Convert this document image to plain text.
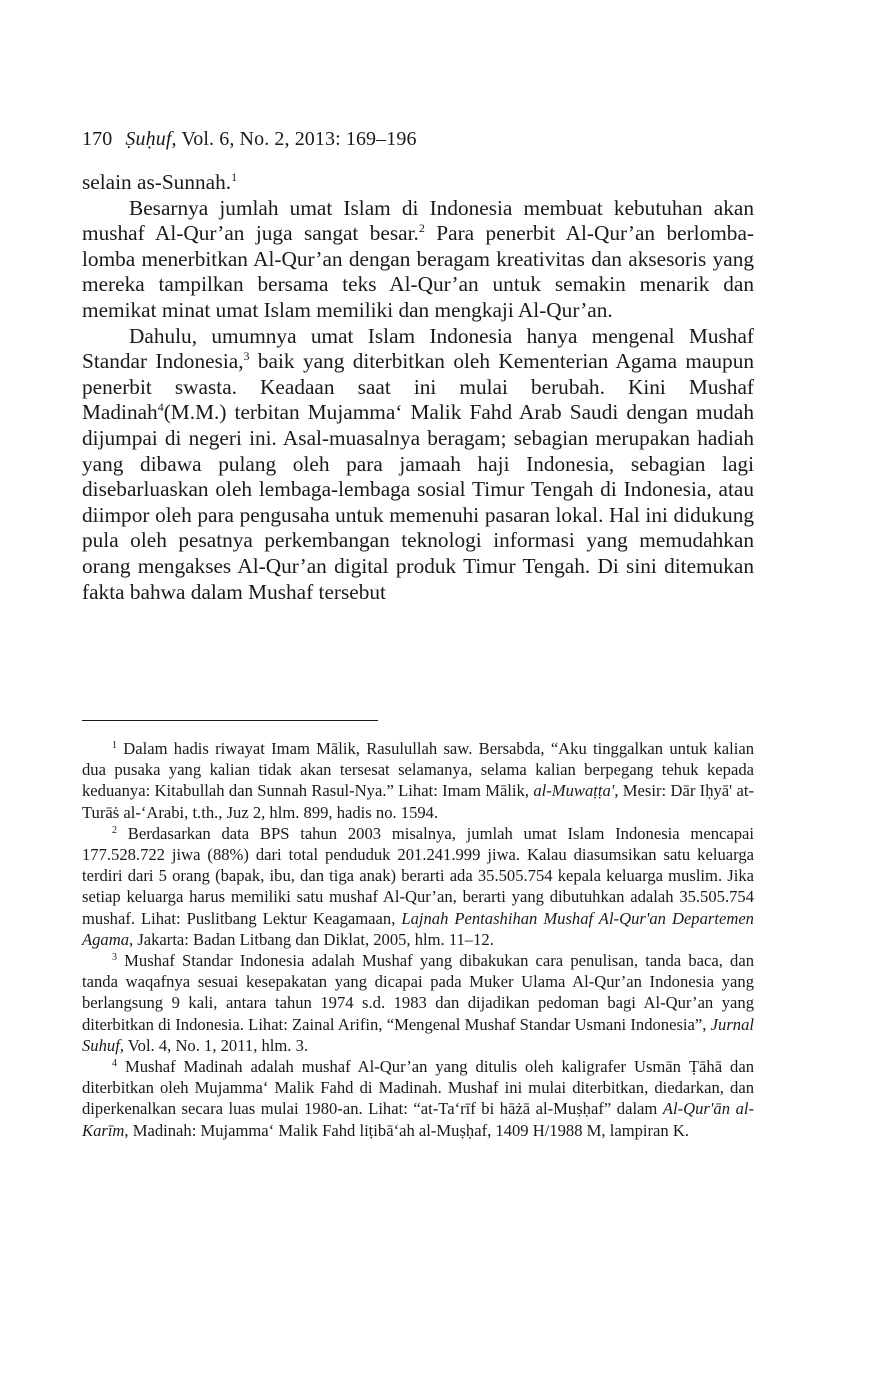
170 Ṣuḥuf, Vol. 6, No. 2, 2013: 169–196

selain as-Sunnah.$^1$

Besarnya jumlah umat Islam di Indonesia membuat kebutuhan akan mushaf Al-Qur’an juga sangat besar.$^2$ Para penerbit Al-Qur’an berlomba-lomba menerbitkan Al-Qur’an dengan beragam kreativitas dan aksesoris yang mereka tampilkan bersama teks Al-Qur’an untuk semakin menarik dan memikat minat umat Islam memiliki dan mengkaji Al-Qur’an.

Dahulu, umumnya umat Islam Indonesia hanya mengenal Mushaf Standar Indonesia,$^3$ baik yang diterbitkan oleh Kementerian Agama maupun penerbit swasta. Keadaan saat ini mulai berubah. Kini Mushaf Madinah$^4$(M.M.) terbitan Mujamma‘ Malik Fahd Arab Saudi dengan mudah dijumpai di negeri ini. Asal-muasalnya beragam; sebagian merupakan hadiah yang dibawa pulang oleh para jamaah haji Indonesia, sebagian lagi disebarluaskan oleh lembaga-lembaga sosial Timur Tengah di Indonesia, atau diimpor oleh para pengusaha untuk memenuhi pasaran lokal. Hal ini didukung pula oleh pesatnya perkembangan teknologi informasi yang memudahkan orang mengakses Al-Qur’an digital produk Timur Tengah. Di sini ditemukan fakta bahwa dalam Mushaf tersebut

$^1$ Dalam hadis riwayat Imam Mālik, Rasulullah saw. Bersabda, “Aku tinggalkan untuk kalian dua pusaka yang kalian tidak akan tersesat selamanya, selama kalian berpegang tehuk kepada keduanya: Kitabullah dan Sunnah Rasul-Nya.” Lihat: Imam Mālik, al-Muwaṭṭa', Mesir: Dār Iḥyā' at-Turāṡ al-‘Arabi, t.th., Juz 2, hlm. 899, hadis no. 1594.

$^2$ Berdasarkan data BPS tahun 2003 misalnya, jumlah umat Islam Indonesia mencapai 177.528.722 jiwa (88%) dari total penduduk 201.241.999 jiwa. Kalau diasumsikan satu keluarga terdiri dari 5 orang (bapak, ibu, dan tiga anak) berarti ada 35.505.754 kepala keluarga muslim. Jika setiap keluarga harus memiliki satu mushaf Al-Qur’an, berarti yang dibutuhkan adalah 35.505.754 mushaf. Lihat: Puslitbang Lektur Keagamaan, Lajnah Pentashihan Mushaf Al-Qur'an Departemen Agama, Jakarta: Badan Litbang dan Diklat, 2005, hlm. 11–12.

$^3$ Mushaf Standar Indonesia adalah Mushaf yang dibakukan cara penulisan, tanda baca, dan tanda waqafnya sesuai kesepakatan yang dicapai pada Muker Ulama Al-Qur’an Indonesia yang berlangsung 9 kali, antara tahun 1974 s.d. 1983 dan dijadikan pedoman bagi Al-Qur’an yang diterbitkan di Indonesia. Lihat: Zainal Arifin, “Mengenal Mushaf Standar Usmani Indonesia”, Jurnal Suhuf, Vol. 4, No. 1, 2011, hlm. 3.

$^4$ Mushaf Madinah adalah mushaf Al-Qur’an yang ditulis oleh kaligrafer Usmān Ṭāhā dan diterbitkan oleh Mujamma‘ Malik Fahd di Madinah. Mushaf ini mulai diterbitkan, diedarkan, dan diperkenalkan secara luas mulai 1980-an. Lihat: “at-Ta‘rīf bi hāżā al-Muṣḥaf” dalam Al-Qur'ān al-Karīm, Madinah: Mujamma‘ Malik Fahd liṭibā‘ah al-Muṣḥaf, 1409 H/1988 M, lampiran K.
